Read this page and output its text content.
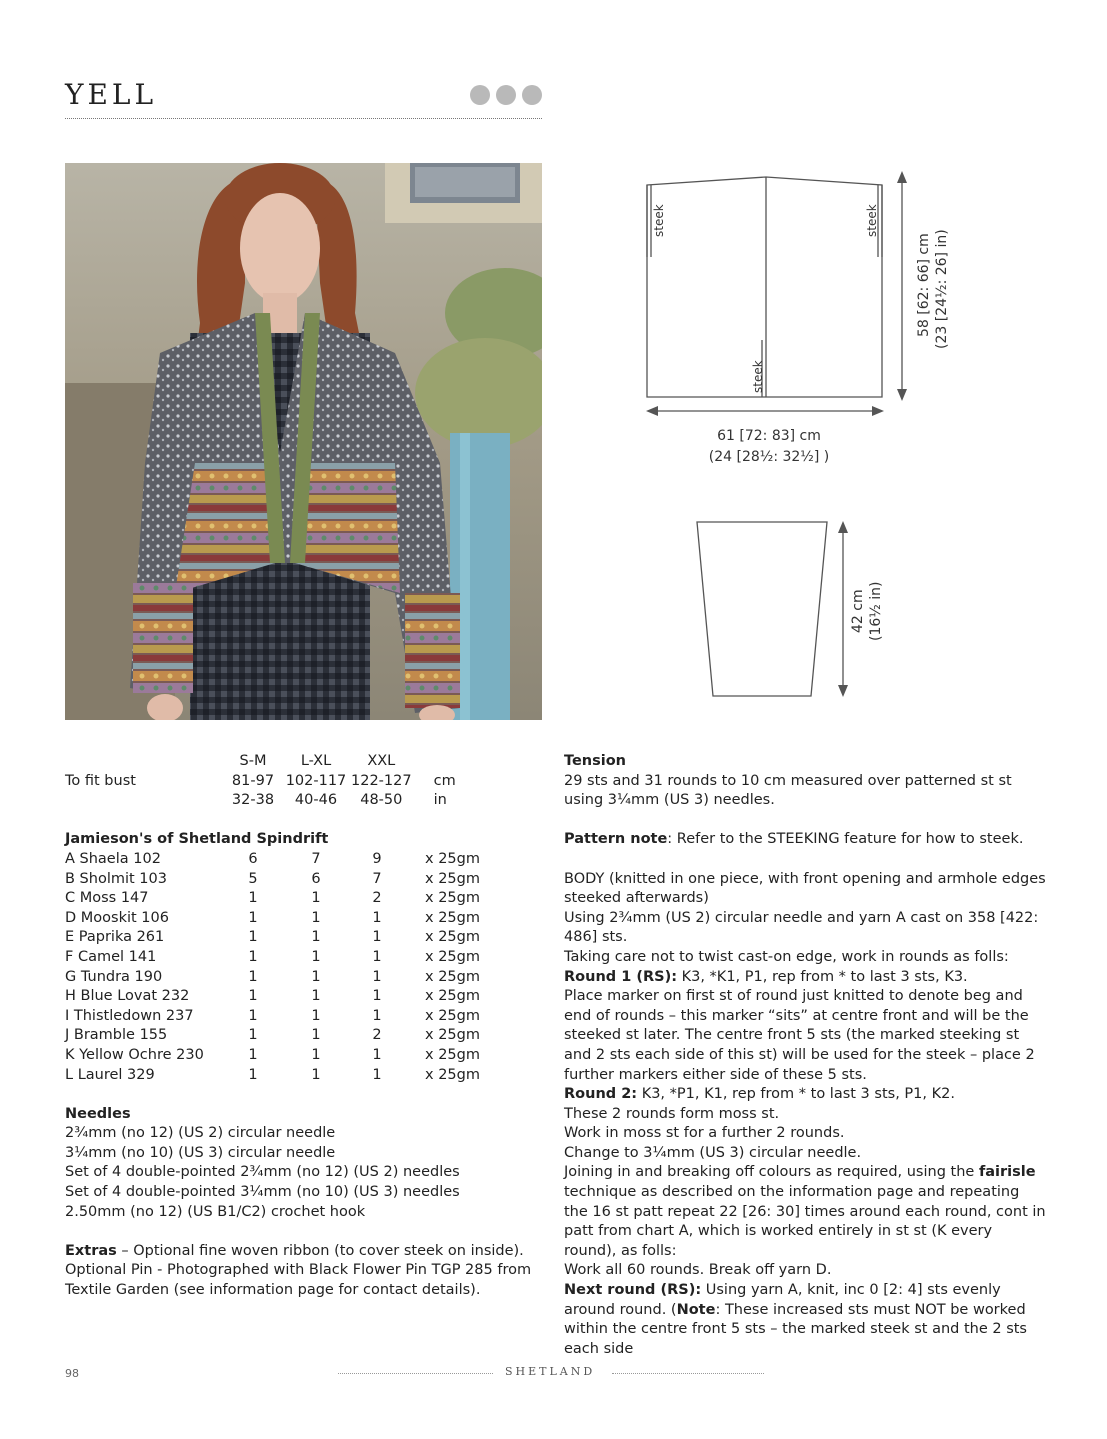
YELL
steek	steek
steek
58 [62: 66] cm (23 [24½: 26] in)
61 [72: 83] cm
(24 [28½: 32½] )
42 cm (16½ in)
	S-M	L-XL	XXL	
To fit bust	81-97	102-117	122-127	cm
	32-38	40-46	48-50	in
Jamieson's of Shetland Spindrift
A Shaela 102	6	7	9	x 25gm
B Sholmit 103	5	6	7	x 25gm
C Moss 147	1	1	2	x 25gm
D Mooskit 106	1	1	1	x 25gm
E Paprika 261	1	1	1	x 25gm
F Camel 141	1	1	1	x 25gm
G Tundra 190	1	1	1	x 25gm
H Blue Lovat 232	1	1	1	x 25gm
I Thistledown 237	1	1	1	x 25gm
J Bramble 155	1	1	2	x 25gm
K Yellow Ochre 230	1	1	1	x 25gm
L Laurel 329	1	1	1	x 25gm
Needles
2¾mm (no 12) (US 2) circular needle
3¼mm (no 10) (US 3) circular needle
Set of 4 double-pointed 2¾mm (no 12) (US 2) needles
Set of 4 double-pointed 3¼mm (no 10) (US 3) needles
2.50mm (no 12) (US B1/C2) crochet hook

Extras – Optional fine woven ribbon (to cover steek on inside). Optional Pin - Photographed with Black Flower Pin TGP 285 from Textile Garden (see information page for contact details).

Tension

29 sts and 31 rounds to 10 cm measured over patterned st st using 3¼mm (US 3) needles.

Pattern note: Refer to the STEEKING feature for how to steek.

BODY (knitted in one piece, with front opening and armhole edges steeked afterwards)

Using 2¾mm (US 2) circular needle and yarn A cast on 358 [422: 486] sts.

Taking care not to twist cast-on edge, work in rounds as folls:

Round 1 (RS): K3, *K1, P1, rep from * to last 3 sts, K3.

Place marker on first st of round just knitted to denote beg and end of rounds – this marker “sits” at centre front and will be the steeked st later. The centre front 5 sts (the marked steeking st and 2 sts each side of this st) will be used for the steek – place 2 further markers either side of these 5 sts.

Round 2: K3, *P1, K1, rep from * to last 3 sts, P1, K2.

These 2 rounds form moss st.

Work in moss st for a further 2 rounds.

Change to 3¼mm (US 3) circular needle.

Joining in and breaking off colours as required, using the fairisle technique as described on the information page and repeating the 16 st patt repeat 22 [26: 30] times around each round, cont in patt from chart A, which is worked entirely in st st (K every round), as folls:

Work all 60 rounds. Break off yarn D.

Next round (RS): Using yarn A, knit, inc 0 [2: 4] sts evenly around round. (Note: These increased sts must NOT be worked within the centre front 5 sts – the marked steek st and the 2 sts each side

98	SHETLAND
